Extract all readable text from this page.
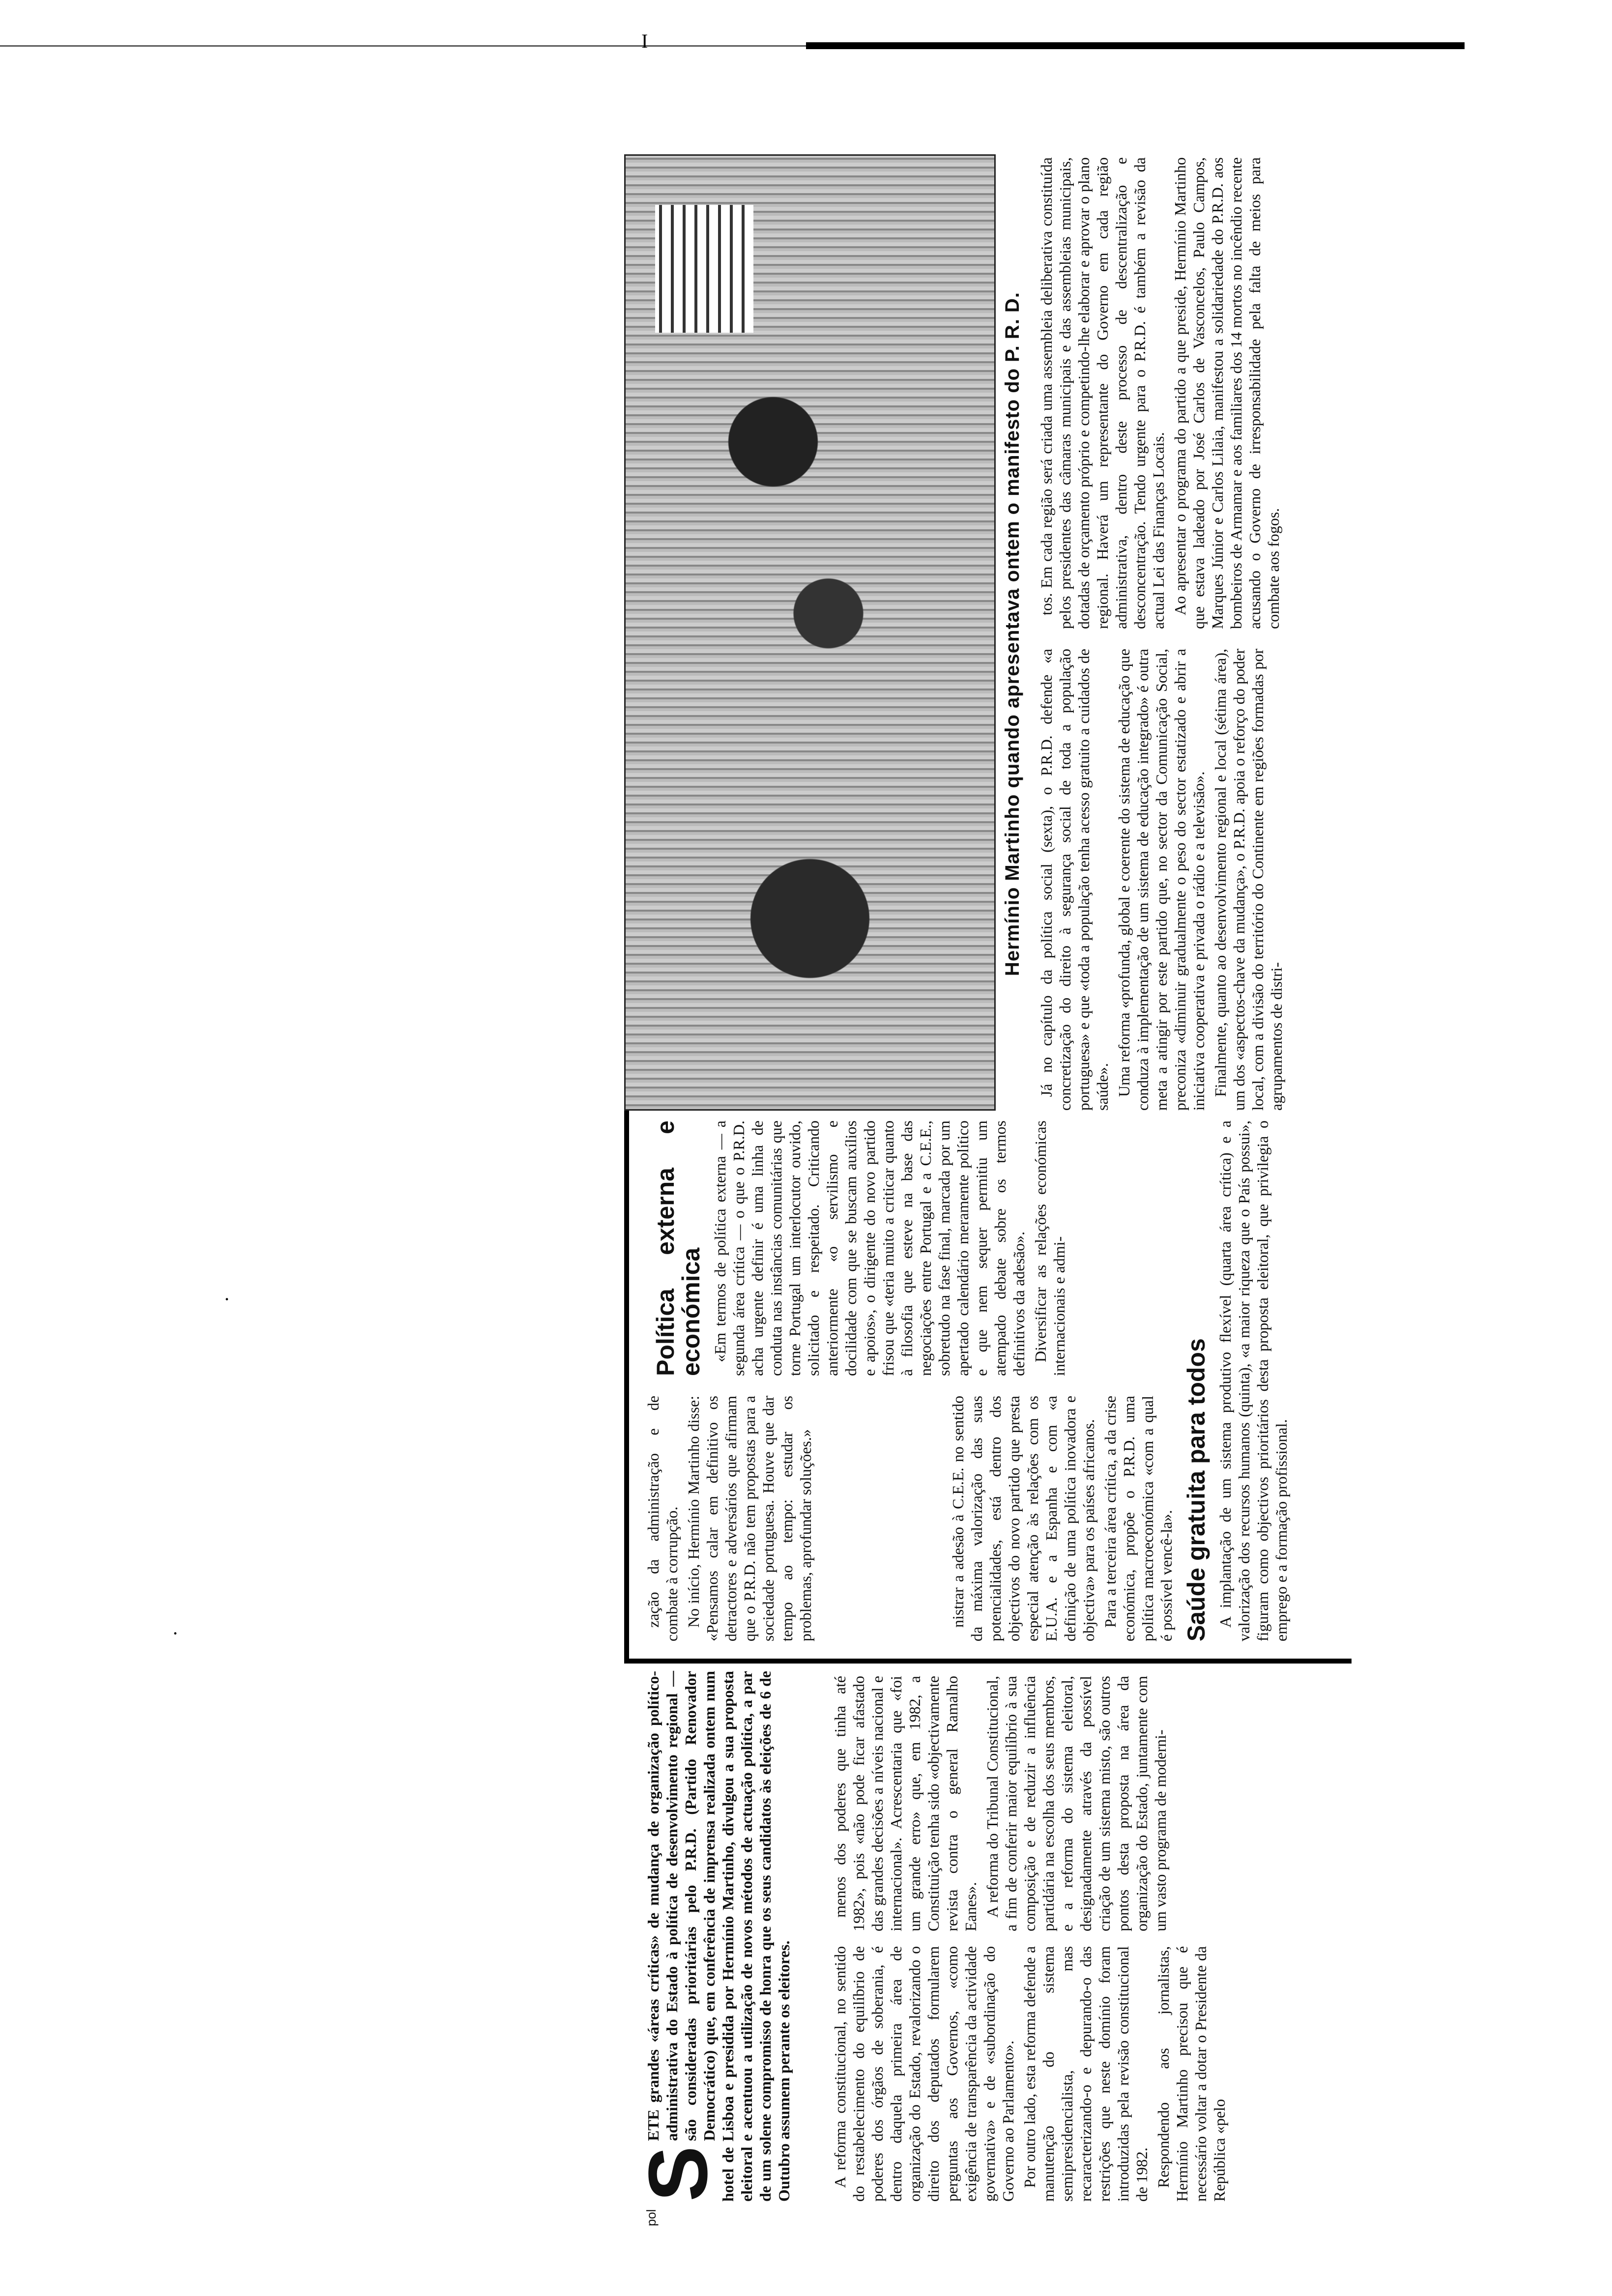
I
·
·
pol
S
ETE grandes «áreas críticas» de mudança de organização político-administrativa do Estado à política de desenvolvimento regional — são consideradas prioritárias pelo P.R.D. (Partido Renovador Democrático) que, em conferência de imprensa realizada ontem num hotel de Lisboa e presidida por Hermínio Martinho, divulgou a sua proposta eleitoral e acentuou a utilização de novos métodos de actuação política, a par de um solene compromisso de honra que os seus candidatos às eleições de 6 de Outubro assumem perante os eleitores. A reforma constitucional, no sentido do restabelecimento do equilíbrio de poderes dos órgãos de soberania, é dentro daquela primeira área de organização do Estado, revalorizando o direito dos deputados formularem perguntas aos Governos, «como exigência de transparência da actividade governativa» e de «subordinação do Governo ao Parlamento». Por outro lado, esta reforma defende a manutenção do sistema semipresidencialista, mas recaracterizando-o e depurando-o das restrições que neste domínio foram introduzidas pela revisão constitucional de 1982. Respondendo aos jornalistas, Hermínio Martinho precisou que é necessário voltar a dotar o Presidente da República «pelo

menos dos poderes que tinha até 1982», pois «não pode ficar afastado das grandes decisões a níveis nacional e internacional». Acrescentaria que «foi um grande erro» que, em 1982, a Constituição tenha sido «objectivamente revista contra o general Ramalho Eanes». A reforma do Tribunal Constitucional, a fim de conferir maior equilíbrio à sua composição e de reduzir a influência partidária na escolha dos seus membros, e a reforma do sistema eleitoral, designadamente através da possível criação de um sistema misto, são outros pontos desta proposta na área da organização do Estado, juntamente com um vasto programa de moderni-

zação da administração e de combate à corrupção. No início, Hermínio Martinho disse: «Pensamos calar em definitivo os detractores e adversários que afirmam que o P.R.D. não tem propostas para a sociedade portuguesa. Houve que dar tempo ao tempo: estudar os problemas, aprofundar soluções.»

Política externa e económica «Em termos de política externa — a segunda área crítica — o que o P.R.D. acha urgente definir é uma linha de conduta nas instâncias comunitárias que torne Portugal um interlocutor ouvido, solicitado e respeitado. Criticando anteriormente «o servilismo e docilidade com que se buscam auxílios e apoios», o dirigente do novo partido frisou que «teria muito a criticar quanto à filosofia que esteve na base das negociações entre Portugal e a C.E.E., sobretudo na fase final, marcada por um apertado calendário meramente político e que nem sequer permitiu um atempado debate sobre os termos definitivos da adesão». Diversificar as relações económicas internacionais e admi-

nistrar a adesão à C.E.E. no sentido da máxima valorização das suas potencialidades, está dentro dos objectivos do novo partido que presta especial atenção às relações com os E.U.A. e a Espanha e com «a definição de uma política inovadora e objectiva» para os países africanos. Para a terceira área crítica, a da crise económica, propõe o P.R.D. uma política macroeconómica «com a qual é possível vencê-la». Saúde gratuita para todos A implantação de um sistema produtivo flexível (quarta área crítica) e a valorização dos recursos humanos (quinta), «a maior riqueza que o País possui», figuram como objectivos prioritários desta proposta eleitoral, que privilegia o emprego e a formação profissional.

Hermínio Martinho quando apresentava ontem o manifesto do P. R. D. Já no capítulo da política social (sexta), o P.R.D. defende «a concretização do direito à segurança social de toda a população portuguesa» e que «toda a população tenha acesso gratuito a cuidados de saúde». Uma reforma «profunda, global e coerente do sistema de educação que conduza à implementação de um sistema de educação integrado» é outra meta a atingir por este partido que, no sector da Comunicação Social, preconiza «diminuir gradualmente o peso do sector estatizado e abrir a iniciativa cooperativa e privada o rádio e a televisão». Finalmente, quanto ao desenvolvimento regional e local (sétima área), um dos «aspectos-chave da mudança», o P.R.D. apoia o reforço do poder local, com a divisão do território do Continente em regiões formadas por agrupamentos de distri-

tos. Em cada região será criada uma assembleia deliberativa constituída pelos presidentes das câmaras municipais e das assembleias municipais, dotadas de orçamento próprio e competindo-lhe elaborar e aprovar o plano regional. Haverá um representante do Governo em cada região administrativa, dentro deste processo de descentralização e desconcentração. Tendo urgente para o P.R.D. é também a revisão da actual Lei das Finanças Locais. Ao apresentar o programa do partido a que preside, Hermínio Martinho que estava ladeado por José Carlos de Vasconcelos, Paulo Campos, Marques Júnior e Carlos Lilaia, manifestou a solidariedade do P.R.D. aos bombeiros de Armamar e aos familiares dos 14 mortos no incêndio recente acusando o Governo de irresponsabilidade pela falta de meios para combate aos fogos.
